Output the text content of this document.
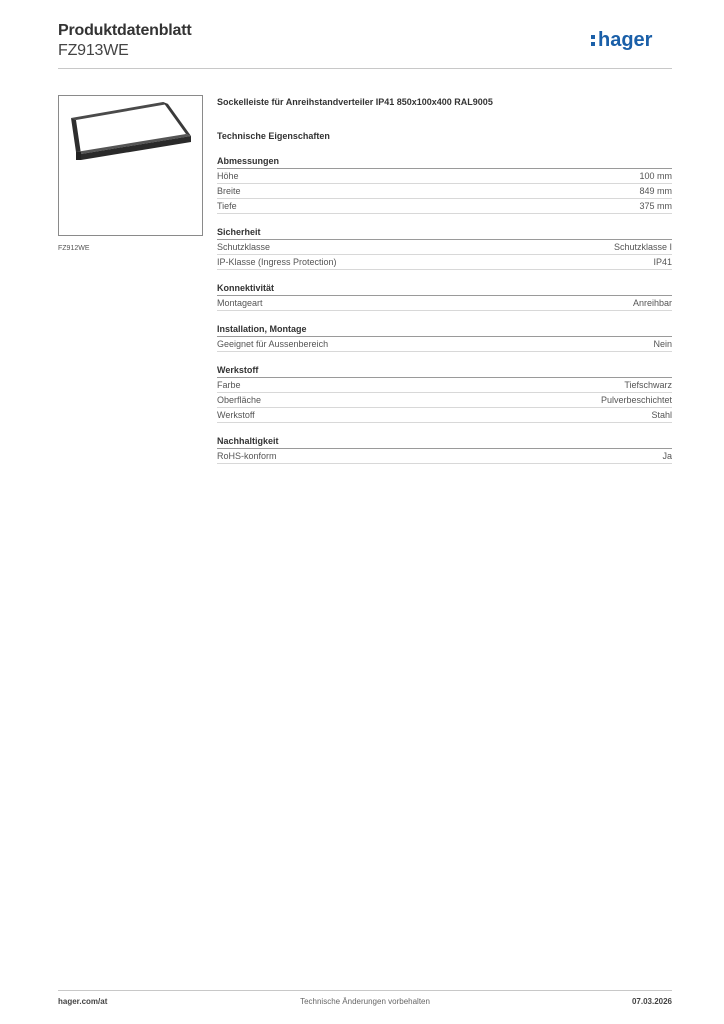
Produktdatenblatt
FZ913WE	hager
FZ912WE
Sockelleiste für Anreihstandverteiler IP41 850x100x400 RAL9005
Technische Eigenschaften
Abmessungen
Höhe	100 mm
Breite	849 mm
Tiefe	375 mm
Sicherheit
Schutzklasse	Schutzklasse I
IP-Klasse (Ingress Protection)	IP41
Konnektivität
Montageart	Anreihbar
Installation, Montage
Geeignet für Aussenbereich	Nein
Werkstoff
Farbe	Tiefschwarz
Oberfläche	Pulverbeschichtet
Werkstoff	Stahl
Nachhaltigkeit
RoHS-konform	Ja
hager.com/at	Technische Änderungen vorbehalten	07.03.2026
